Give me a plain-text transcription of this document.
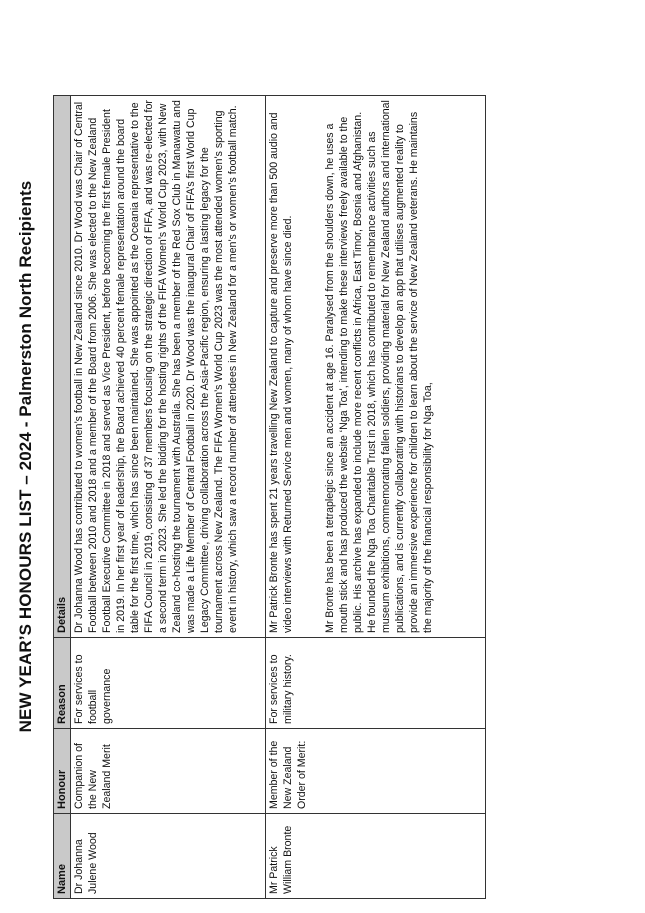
NEW YEAR’S HONOURS LIST – 2024 - Palmerston North Recipients
Name	Honour	Reason	Details
Dr Johanna Julene Wood	Companion of the New Zealand Merit	For services to football governance	Dr Johanna Wood has contributed to women’s football in New Zealand since 2010. Dr Wood was Chair of Central Football between 2010 and 2018 and a member of the Board from 2006. She was elected to the New Zealand Football Executive Committee in 2018 and served as Vice President, before becoming the first female President in 2019. In her first year of leadership, the Board achieved 40 percent female representation around the board table for the first time, which has since been maintained. She was appointed as the Oceania representative to the FIFA Council in 2019, consisting of 37 members focusing on the strategic direction of FIFA, and was re-elected for a second term in 2023. She led the bidding for the hosting rights of the FIFA Women’s World Cup 2023, with New Zealand co-hosting the tournament with Australia. She has been a member of the Red Sox Club in Manawatu and was made a Life Member of Central Football in 2020. Dr Wood was the inaugural Chair of FIFA’s first World Cup Legacy Committee, driving collaboration across the Asia-Pacific region, ensuring a lasting legacy for the tournament across New Zealand. The FIFA Women’s World Cup 2023 was the most attended women’s sporting event in history, which saw a record number of attendees in New Zealand for a men’s or women’s football match.

Mr Patrick William Bronte	Member of the New Zealand Order of Merit:	For services to military history.	Mr Patrick Bronte has spent 21 years travelling New Zealand to capture and preserve more than 500 audio and video interviews with Returned Service men and women, many of whom have since died. Mr Bronte has been a tetraplegic since an accident at age 16. Paralysed from the shoulders down, he uses a mouth stick and has produced the website ‘Nga Toa’, intending to make these interviews freely available to the public. His archive has expanded to include more recent conflicts in Africa, East Timor, Bosnia and Afghanistan. He founded the Nga Toa Charitable Trust in 2018, which has contributed to remembrance activities such as museum exhibitions, commemorating fallen soldiers, providing material for New Zealand authors and international publications, and is currently collaborating with historians to develop an app that utilises augmented reality to provide an immersive experience for children to learn about the service of New Zealand veterans. He maintains the majority of the financial responsibility for Nga Toa,
